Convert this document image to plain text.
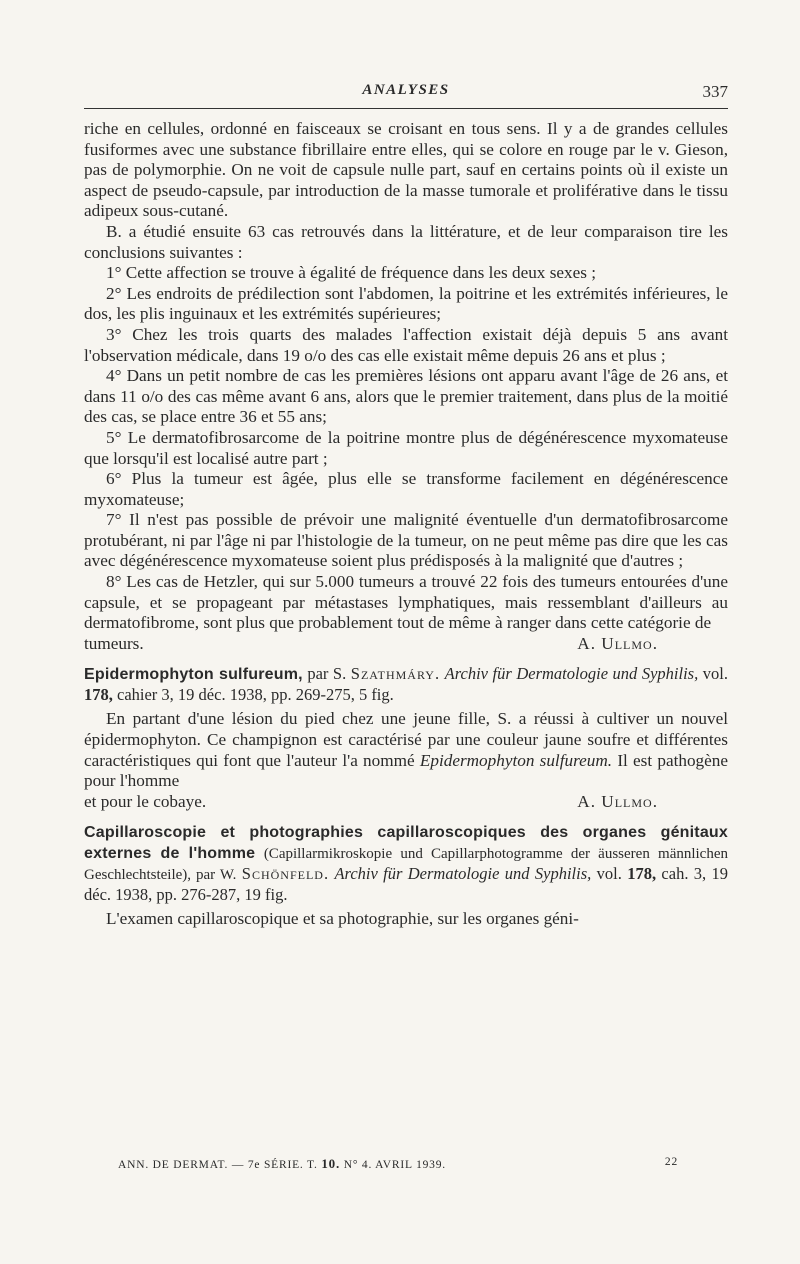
ANALYSES	337

riche en cellules, ordonné en faisceaux se croisant en tous sens. Il y a de grandes cellules fusiformes avec une substance fibrillaire entre elles, qui se colore en rouge par le v. Gieson, pas de polymorphie. On ne voit de capsule nulle part, sauf en certains points où il existe un aspect de pseudo-capsule, par introduction de la masse tumorale et proliférative dans le tissu adipeux sous-cutané.

B. a étudié ensuite 63 cas retrouvés dans la littérature, et de leur comparaison tire les conclusions suivantes :

1° Cette affection se trouve à égalité de fréquence dans les deux sexes ;

2° Les endroits de prédilection sont l'abdomen, la poitrine et les extrémités inférieures, le dos, les plis inguinaux et les extrémités supérieures;

3° Chez les trois quarts des malades l'affection existait déjà depuis 5 ans avant l'observation médicale, dans 19 o/o des cas elle existait même depuis 26 ans et plus ;

4° Dans un petit nombre de cas les premières lésions ont apparu avant l'âge de 26 ans, et dans 11 o/o des cas même avant 6 ans, alors que le premier traitement, dans plus de la moitié des cas, se place entre 36 et 55 ans;

5° Le dermatofibrosarcome de la poitrine montre plus de dégénérescence myxomateuse que lorsqu'il est localisé autre part ;

6° Plus la tumeur est âgée, plus elle se transforme facilement en dégénérescence myxomateuse;

7° Il n'est pas possible de prévoir une malignité éventuelle d'un dermatofibrosarcome protubérant, ni par l'âge ni par l'histologie de la tumeur, on ne peut même pas dire que les cas avec dégénérescence myxomateuse soient plus prédisposés à la malignité que d'autres ;

8° Les cas de Hetzler, qui sur 5.000 tumeurs a trouvé 22 fois des tumeurs entourées d'une capsule, et se propageant par métastases lymphatiques, mais ressemblant d'ailleurs au dermatofibrome, sont plus que probablement tout de même à ranger dans cette catégorie de

tumeurs.	A. Ullmo.
Epidermophyton sulfureum, par S. Szathmáry. Archiv für Dermatologie und Syphilis, vol. 178, cahier 3, 19 déc. 1938, pp. 269-275, 5 fig.

En partant d'une lésion du pied chez une jeune fille, S. a réussi à cultiver un nouvel épidermophyton. Ce champignon est caractérisé par une couleur jaune soufre et différentes caractéristiques qui font que l'auteur l'a nommé Epidermophyton sulfureum. Il est pathogène pour l'homme

et pour le cobaye.	A. Ullmo.
Capillaroscopie et photographies capillaroscopiques des organes génitaux externes de l'homme (Capillarmikroskopie und Capillarphotogramme der äusseren männlichen Geschlechtsteile), par W. Schönfeld. Archiv für Dermatologie und Syphilis, vol. 178, cah. 3, 19 déc. 1938, pp. 276-287, 19 fig.

L'examen capillaroscopique et sa photographie, sur les organes géni-

ANN. DE DERMAT. — 7e SÉRIE. T. 10. N° 4. AVRIL 1939.	22
